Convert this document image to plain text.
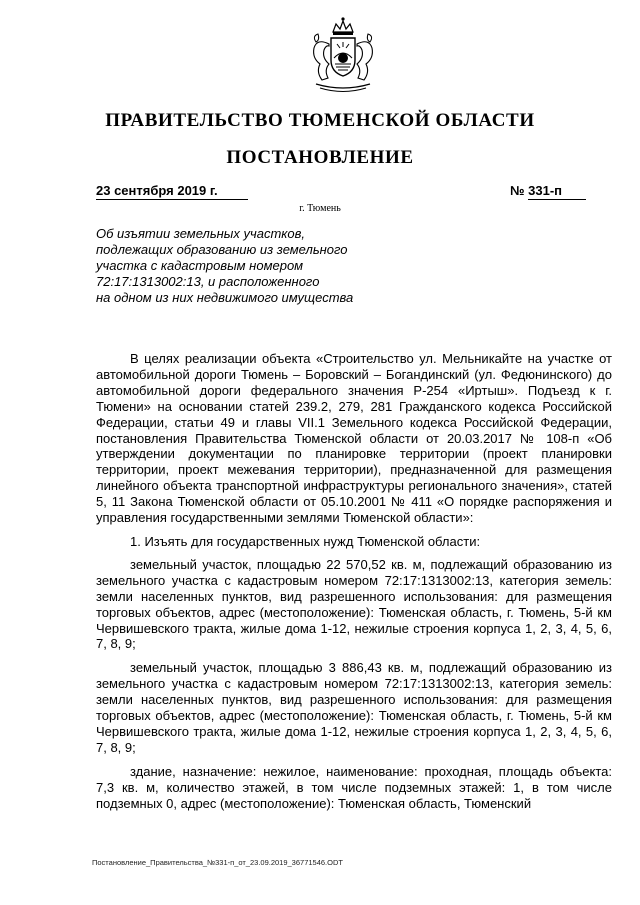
ПРАВИТЕЛЬСТВО ТЮМЕНСКОЙ ОБЛАСТИ
ПОСТАНОВЛЕНИЕ
23 сентября 2019 г.	№ 331-п
г. Тюмень
Об изъятии земельных участков,
подлежащих образованию из земельного
участка с кадастровым номером
72:17:1313002:13, и расположенного
на одном из них недвижимого имущества

В целях реализации объекта «Строительство ул. Мельникайте на участке от автомобильной дороги Тюмень – Боровский – Богандинский (ул. Федюнинского) до автомобильной дороги федерального значения Р-254 «Иртыш». Подъезд к г. Тюмени» на основании статей 239.2, 279, 281 Гражданского кодекса Российской Федерации, статьи 49 и главы VII.1 Земельного кодекса Российской Федерации, постановления Правительства Тюменской области от 20.03.2017 № 108-п «Об утверждении документации по планировке территории (проект планировки территории, проект межевания территории), предназначенной для размещения линейного объекта транспортной инфраструктуры регионального значения», статей 5, 11 Закона Тюменской области от 05.10.2001 № 411 «О порядке распоряжения и управления государственными землями Тюменской области»:

1. Изъять для государственных нужд Тюменской области:

земельный участок, площадью 22 570,52 кв. м, подлежащий образованию из земельного участка с кадастровым номером 72:17:1313002:13, категория земель: земли населенных пунктов, вид разрешенного использования: для размещения торговых объектов, адрес (местоположение): Тюменская область, г. Тюмень, 5-й км Червишевского тракта, жилые дома 1-12, нежилые строения корпуса 1, 2, 3, 4, 5, 6, 7, 8, 9;

земельный участок, площадью 3 886,43 кв. м, подлежащий образованию из земельного участка с кадастровым номером 72:17:1313002:13, категория земель: земли населенных пунктов, вид разрешенного использования: для размещения торговых объектов, адрес (местоположение): Тюменская область, г. Тюмень, 5-й км Червишевского тракта, жилые дома 1-12, нежилые строения корпуса 1, 2, 3, 4, 5, 6, 7, 8, 9;

здание, назначение: нежилое, наименование: проходная, площадь объекта: 7,3 кв. м, количество этажей, в том числе подземных этажей: 1, в том числе подземных 0, адрес (местоположение): Тюменская область, Тюменский

Постановление_Правительства_№331-п_от_23.09.2019_36771546.ODT
